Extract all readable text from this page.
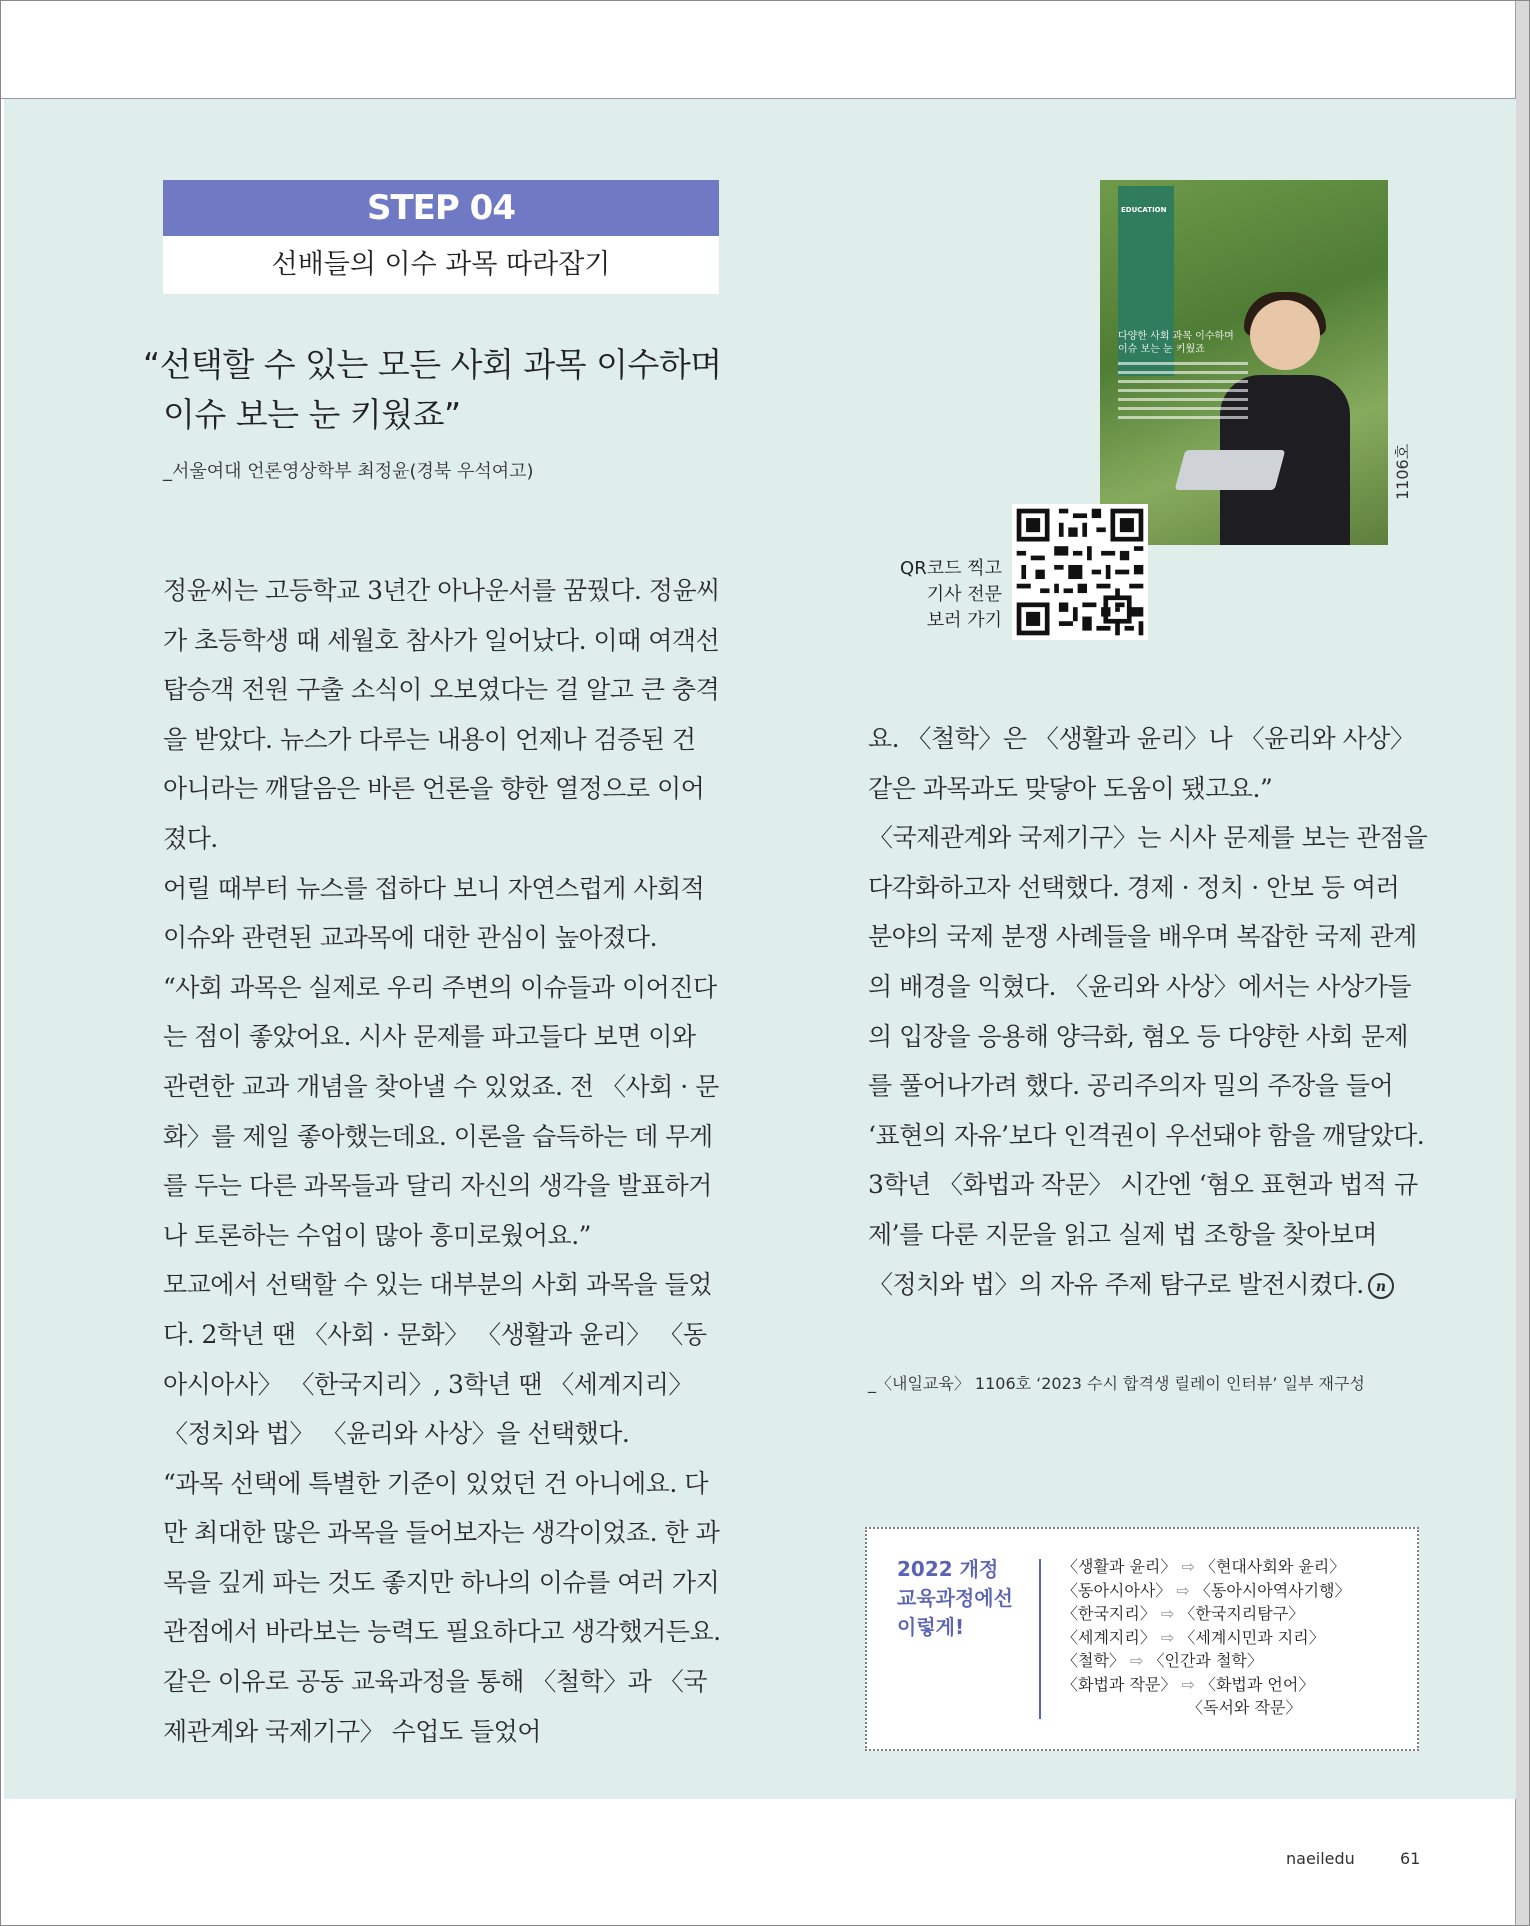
STEP 04
선배들의 이수 과목 따라잡기
“선택할 수 있는 모든 사회 과목 이수하며
이슈 보는 눈 키웠죠”
_서울여대 언론영상학부 최정윤(경북 우석여고)

정윤씨는 고등학교 3년간 아나운서를 꿈꿨다. 정윤씨가 초등학생 때 세월호 참사가 일어났다. 이때 여객선 탑승객 전원 구출 소식이 오보였다는 걸 알고 큰 충격을 받았다. 뉴스가 다루는 내용이 언제나 검증된 건 아니라는 깨달음은 바른 언론을 향한 열정으로 이어졌다.

어릴 때부터 뉴스를 접하다 보니 자연스럽게 사회적 이슈와 관련된 교과목에 대한 관심이 높아졌다.

“사회 과목은 실제로 우리 주변의 이슈들과 이어진다는 점이 좋았어요. 시사 문제를 파고들다 보면 이와 관련한 교과 개념을 찾아낼 수 있었죠. 전 〈사회 · 문화〉를 제일 좋아했는데요. 이론을 습득하는 데 무게를 두는 다른 과목들과 달리 자신의 생각을 발표하거나 토론하는 수업이 많아 흥미로웠어요.”

모교에서 선택할 수 있는 대부분의 사회 과목을 들었다. 2학년 땐 〈사회 · 문화〉 〈생활과 윤리〉 〈동아시아사〉 〈한국지리〉, 3학년 땐 〈세계지리〉 〈정치와 법〉 〈윤리와 사상〉을 선택했다.

“과목 선택에 특별한 기준이 있었던 건 아니에요. 다만 최대한 많은 과목을 들어보자는 생각이었죠. 한 과목을 깊게 파는 것도 좋지만 하나의 이슈를 여러 가지 관점에서 바라보는 능력도 필요하다고 생각했거든요. 같은 이유로 공동 교육과정을 통해 〈철학〉과 〈국제관계와 국제기구〉 수업도 들었어

EDUCATION
다양한 사회 과목 이수하며
이슈 보는 눈 키웠죠
1106호
QR코드 찍고
기사 전문
보러 가기

요. 〈철학〉은 〈생활과 윤리〉나 〈윤리와 사상〉 같은 과목과도 맞닿아 도움이 됐고요.”

〈국제관계와 국제기구〉는 시사 문제를 보는 관점을 다각화하고자 선택했다. 경제 · 정치 · 안보 등 여러 분야의 국제 분쟁 사례들을 배우며 복잡한 국제 관계의 배경을 익혔다. 〈윤리와 사상〉에서는 사상가들의 입장을 응용해 양극화, 혐오 등 다양한 사회 문제를 풀어나가려 했다. 공리주의자 밀의 주장을 들어 ‘표현의 자유’보다 인격권이 우선돼야 함을 깨달았다. 3학년 〈화법과 작문〉 시간엔 ‘혐오 표현과 법적 규제’를 다룬 지문을 읽고 실제 법 조항을 찾아보며 〈정치와 법〉의 자유 주제 탐구로 발전시켰다. n

_〈내일교육〉 1106호 ‘2023 수시 합격생 릴레이 인터뷰’ 일부 재구성
2022 개정
교육과정에선
이렇게!
〈생활과 윤리〉 ⇨ 〈현대사회와 윤리〉
〈동아시아사〉 ⇨ 〈동아시아역사기행〉
〈한국지리〉 ⇨ 〈한국지리탐구〉
〈세계지리〉 ⇨ 〈세계시민과 지리〉
〈철학〉 ⇨ 〈인간과 철학〉
〈화법과 작문〉 ⇨ 〈화법과 언어〉
〈독서와 작문〉
naeiledu	61
